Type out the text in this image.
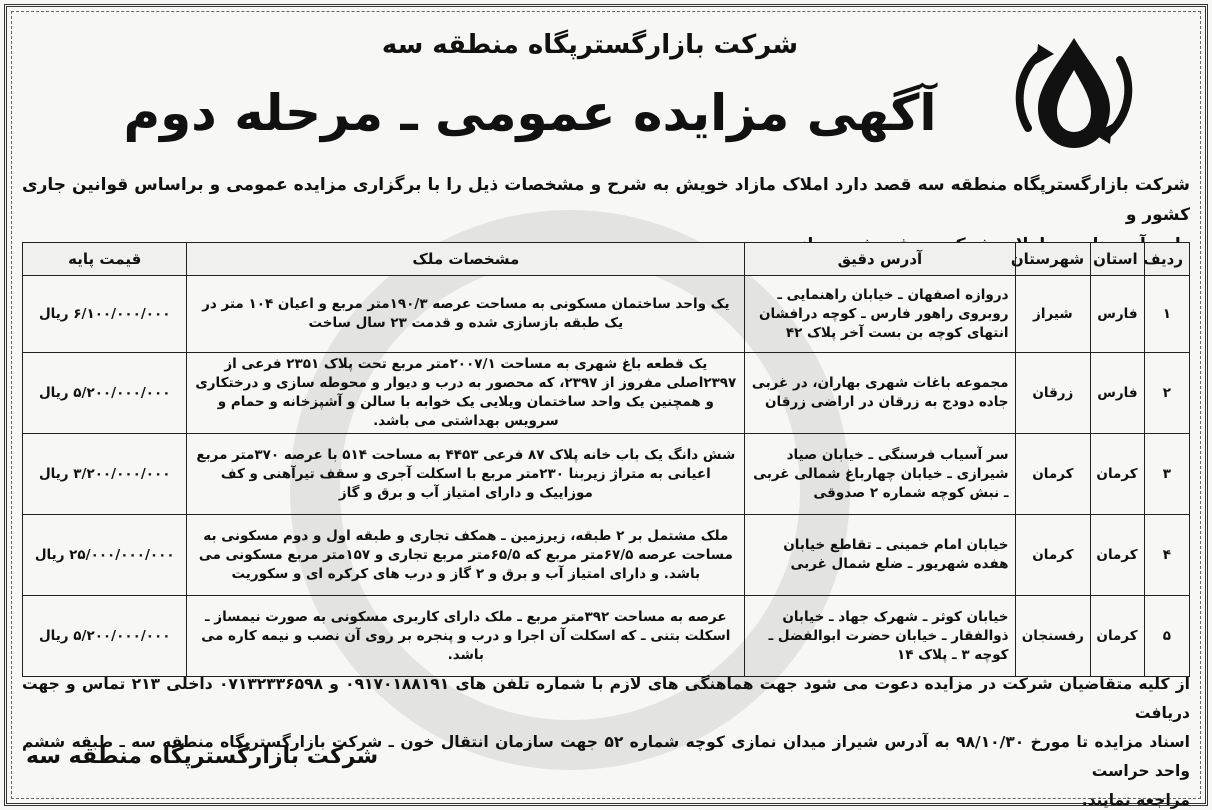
شرکت بازارگسترپگاه منطقه سه
آگهی مزایده عمومی ـ مرحله دوم
شرکت بازارگسترپگاه منطقه سه قصد دارد املاک مازاد خویش به شرح و مشخصات ذیل را با برگزاری مزایده عمومی و براساس قوانین جاری کشور و
ردیف	استان	شهرستان	آدرس دقیق	مشخصات ملک	قیمت پایه
۱	فارس	شیراز	دروازه اصفهان ـ خیابان راهنمایی ـ روبروی راهور فارس ـ کوچه درافشان انتهای کوچه بن بست آخر پلاک ۴۲	یک واحد ساختمان مسکونی به مساحت عرصه ۱۹۰/۳متر مربع و اعیان ۱۰۴ متر در یک طبقه بازسازی شده و قدمت ۲۳ سال ساخت	۶/۱۰۰/۰۰۰/۰۰۰ ریال
۲	فارس	زرقان	مجموعه باغات شهری بهاران، در غربی جاده دودج به زرقان در اراضی زرقان	یک قطعه باغ شهری به مساحت ۲۰۰۷/۱متر مربع تحت پلاک ۲۳۵۱ فرعی از ۲۳۹۷اصلی مفروز از ۲۳۹۷، که محصور به درب و دیوار و محوطه سازی و درختکاری و همچنین یک واحد ساختمان ویلایی یک خوابه با سالن و آشپزخانه و حمام و سرویس بهداشتی می باشد.	۵/۲۰۰/۰۰۰/۰۰۰ ریال
۳	کرمان	کرمان	سر آسیاب فرسنگی ـ خیابان صیاد شیرازی ـ خیابان چهارباغ شمالی غربی ـ نبش کوچه شماره ۲ صدوقی	شش دانگ یک باب خانه پلاک ۸۷ فرعی ۴۴۵۳ به مساحت ۵۱۴ با عرصه ۳۷۰متر مربع اعیانی به متراژ زیربنا ۲۳۰متر مربع با اسکلت آجری و سقف تیرآهنی و کف موزاییک و دارای امتیاز آب و برق و گاز	۳/۲۰۰/۰۰۰/۰۰۰ ریال
۴	کرمان	کرمان	خیابان امام خمینی ـ تقاطع خیابان هفده شهریور ـ ضلع شمال غربی	ملک مشتمل بر ۲ طبقه، زیرزمین ـ همکف تجاری و طبقه اول و دوم مسکونی به مساحت عرصه ۶۷/۵متر مربع که ۶۵/۵متر مربع تجاری و ۱۵۷متر مربع مسکونی می باشد. و دارای امتیاز آب و برق و ۲ گاز و درب های کرکره ای و سکوریت	۲۵/۰۰۰/۰۰۰/۰۰۰ ریال
۵	کرمان	رفسنجان	خیابان کوثر ـ شهرک جهاد ـ خیابان ذوالفقار ـ خیابان حضرت ابوالفضل ـ کوچه ۳ ـ پلاک ۱۴	عرصه به مساحت ۳۹۲متر مربع ـ ملک دارای کاربری مسکونی به صورت نیمساز ـ اسکلت بتنی ـ که اسکلت آن اجرا و درب و پنجره بر روی آن نصب و نیمه کاره می باشد.	۵/۲۰۰/۰۰۰/۰۰۰ ریال
از کلیه متقاضیان شرکت در مزایده دعوت می شود جهت هماهنگی های لازم با شماره تلفن های ۰۹۱۷۰۱۸۸۱۹۱ و ۰۷۱۳۲۳۳۶۵۹۸ داخلی ۲۱۳ تماس و جهت دریافت
اسناد مزایده تا مورخ ۹۸/۱۰/۳۰ به آدرس شیراز میدان نمازی کوچه شماره ۵۲ جهت سازمان انتقال خون ـ شرکت بازارگسترپگاه منطقه سه ـ طبقه ششم واحد حراست
مراجعه نمایند.
شرکت بازارگسترپگاه منطقه سه
